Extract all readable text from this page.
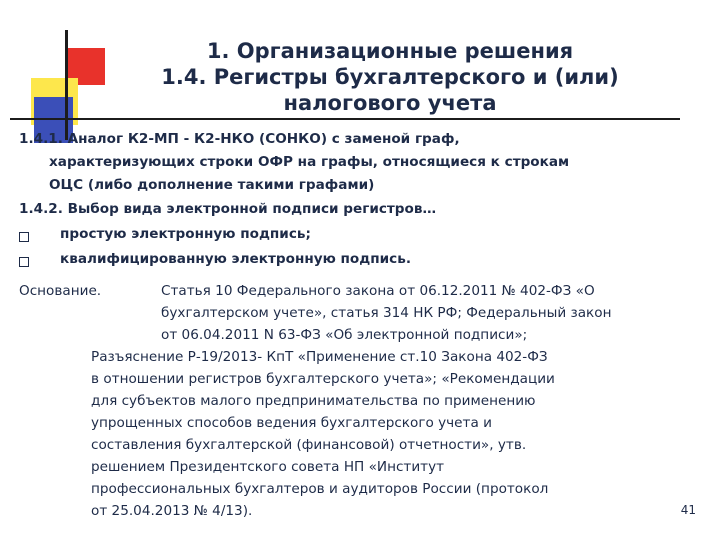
1. Организационные решения
1.4. Регистры бухгалтерского и (или)
налогового учета
1.4.1. Аналог К2-МП - К2-НКО (СОНКО) с заменой граф,
характеризующих строки ОФР на графы, относящиеся к строкам
ОЦС (либо дополнение такими графами)
1.4.2. Выбор вида электронной подписи регистров…
простую электронную подпись;
квалифицированную электронную подпись.
Основание.	Статья 10 Федерального закона от 06.12.2011 № 402-ФЗ «О
бухгалтерском учете», статья 314 НК РФ; Федеральный закон
от 06.04.2011 N 63-ФЗ «Об электронной подписи»;
Разъяснение Р-19/2013- КпТ «Применение ст.10 Закона 402-ФЗ
в отношении регистров бухгалтерского учета»; «Рекомендации
для субъектов малого предпринимательства по применению
упрощенных способов ведения бухгалтерского учета и
составления бухгалтерской (финансовой) отчетности», утв.
решением Президентского совета НП «Институт
профессиональных бухгалтеров и аудиторов России (протокол
от 25.04.2013 № 4/13).	41
